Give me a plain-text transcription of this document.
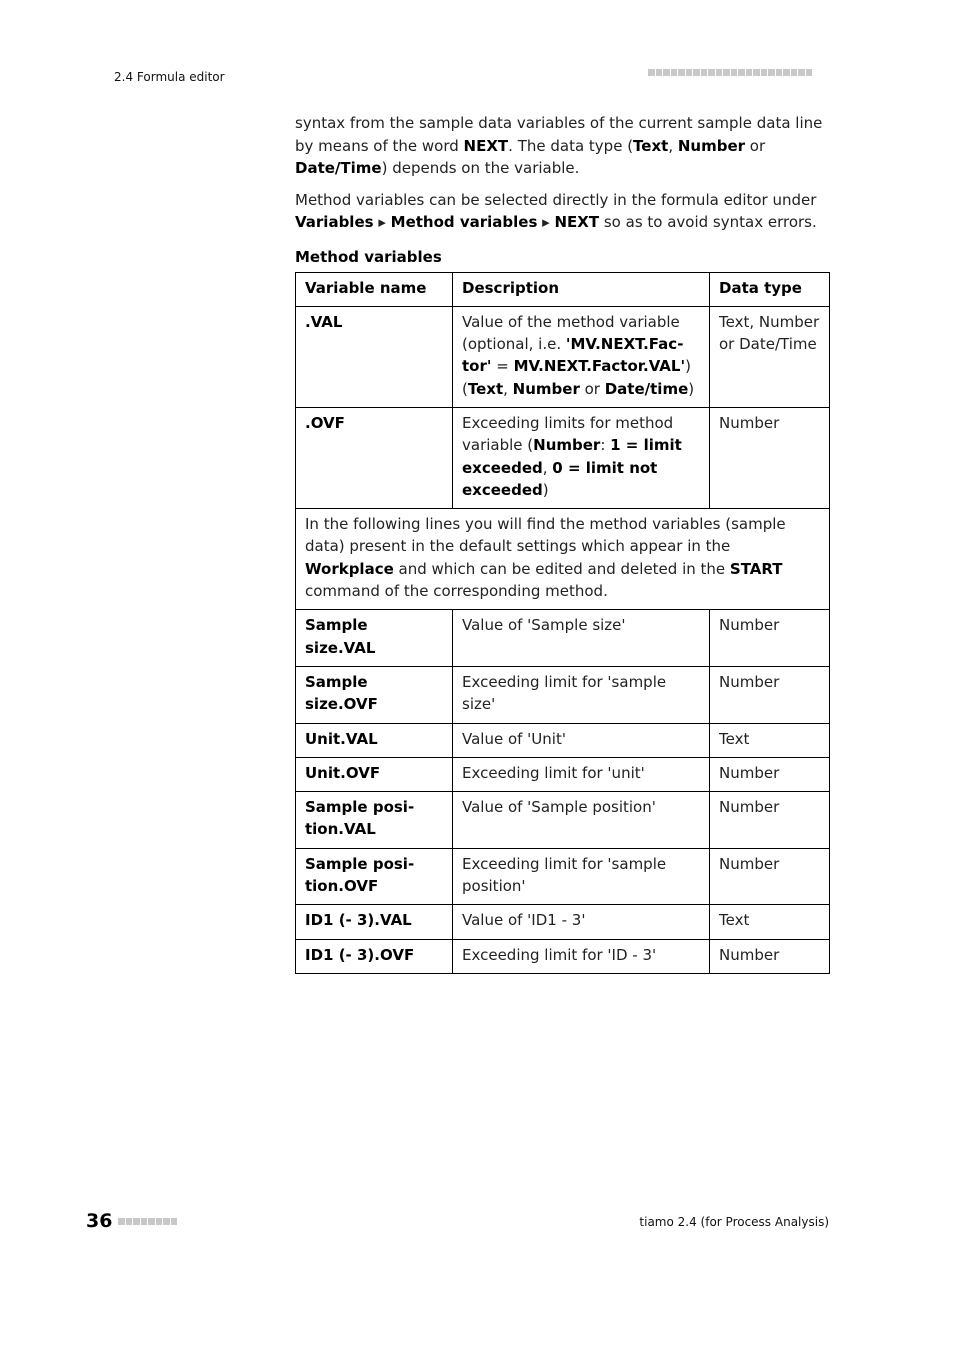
2.4 Formula editor

syntax from the sample data variables of the current sample data line by means of the word NEXT. The data type (Text, Number or Date/Time) depends on the variable.

Method variables can be selected directly in the formula editor under Variables ▸ Method variables ▸ NEXT so as to avoid syntax errors.

Method variables
Variable name	Description	Data type
.VAL	Value of the method variable (optional, i.e. 'MV.NEXT.Factor' = MV.NEXT.Factor.VAL') (Text, Number or Date/time)	Text, Number or Date/Time
.OVF	Exceeding limits for method variable (Number: 1 = limit exceeded, 0 = limit not exceeded)	Number
In the following lines you will find the method variables (sample data) present in the default settings which appear in the Workplace and which can be edited and deleted in the START command of the corresponding method.		
Sample size.VAL	Value of 'Sample size'	Number
Sample size.OVF	Exceeding limit for 'sample size'	Number
Unit.VAL	Value of 'Unit'	Text
Unit.OVF	Exceeding limit for 'unit'	Number
Sample position.VAL	Value of 'Sample position'	Number
Sample position.OVF	Exceeding limit for 'sample position'	Number
ID1 (- 3).VAL	Value of 'ID1 - 3'	Text
ID1 (- 3).OVF	Exceeding limit for 'ID - 3'	Number
36	tiamo 2.4 (for Process Analysis)
